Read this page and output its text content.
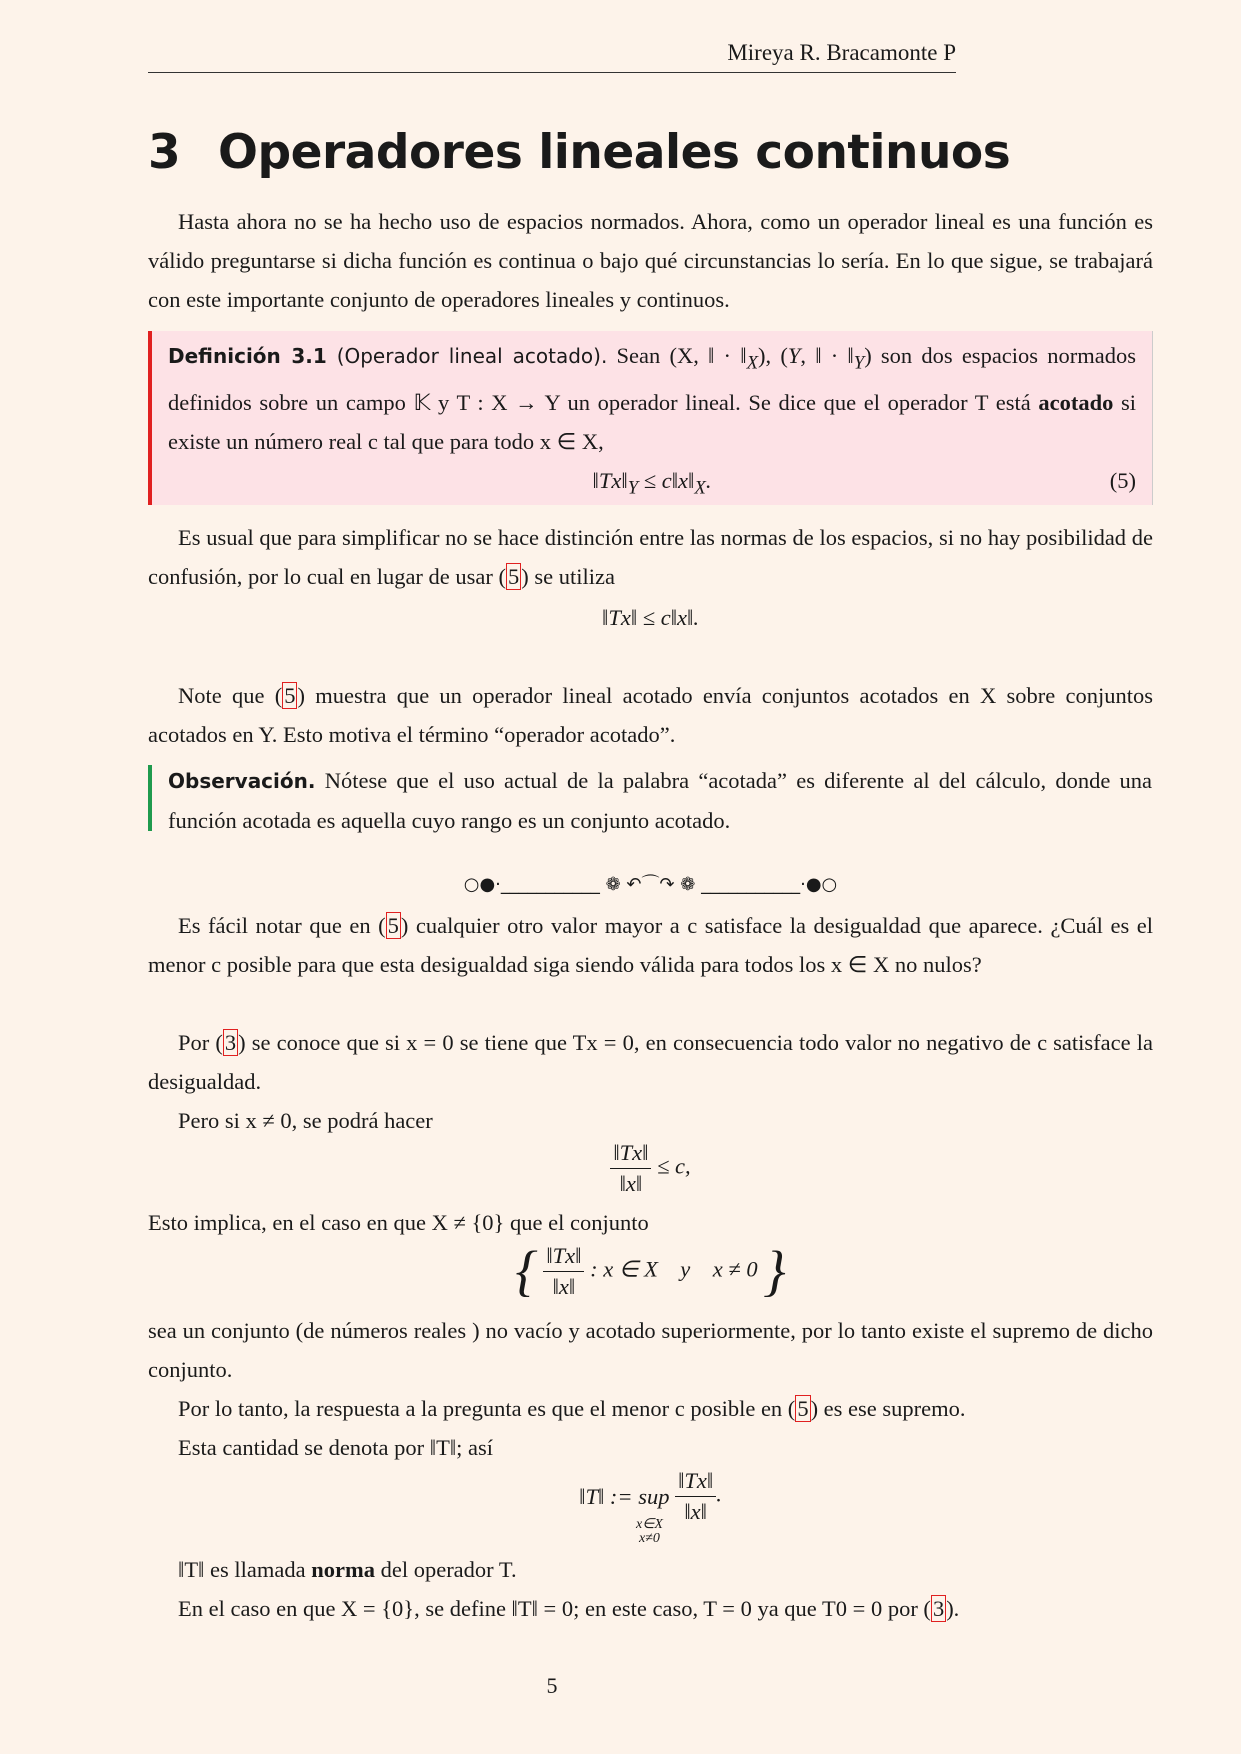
Mireya R. Bracamonte P
3 Operadores lineales continuos
Hasta ahora no se ha hecho uso de espacios normados. Ahora, como un operador lineal es una función es válido preguntarse si dicha función es continua o bajo qué circunstancias lo sería. En lo que sigue, se trabajará con este importante conjunto de operadores lineales y continuos.
Definición 3.1 (Operador lineal acotado). Sean (X, ‖ · $‖_X$), (Y, ‖ · $‖_Y$) son dos espacios normados definidos sobre un campo 𝕂 y T : X → Y un operador lineal. Se dice que el operador T está acotado si existe un número real c tal que para todo x ∈ X,
$‖Tx‖_Y$ ≤ $c‖x‖_X$.	(5)
Es usual que para simplificar no se hace distinción entre las normas de los espacios, si no hay posibilidad de confusión, por lo cual en lugar de usar (5) se utiliza
‖Tx‖ ≤ c‖x‖.
Note que (5) muestra que un operador lineal acotado envía conjuntos acotados en X sobre conjuntos acotados en Y. Esto motiva el término “operador acotado”.
Observación. Nótese que el uso actual de la palabra “acotada” es diferente al del cálculo, donde una función acotada es aquella cuyo rango es un conjunto acotado.
○●·___________ ❁ ↶⌒↷ ❁ ___________·●○
Es fácil notar que en (5) cualquier otro valor mayor a c satisface la desigualdad que aparece. ¿Cuál es el menor c posible para que esta desigualdad siga siendo válida para todos los x ∈ X no nulos?
Por (3) se conoce que si x = 0 se tiene que Tx = 0, en consecuencia todo valor no negativo de c satisface la desigualdad.
Pero si x ≠ 0, se podrá hacer
$\frac{‖Tx‖}{‖x‖} \le c$,
Esto implica, en el caso en que X ≠ {0} que el conjunto
{ $\frac{‖Tx‖}{‖x‖}$ : x ∈ X    y    x ≠ 0 }
sea un conjunto (de números reales ) no vacío y acotado superiormente, por lo tanto existe el supremo de dicho conjunto.
Por lo tanto, la respuesta a la pregunta es que el menor c posible en (5) es ese supremo.
Esta cantidad se denota por ‖T‖; así
‖T‖ := sup
x∈X
x≠0

$\frac{‖Tx‖}{‖x‖}$ .
‖T‖ es llamada norma del operador T.
En el caso en que X = {0}, se define ‖T‖ = 0; en este caso, T = 0 ya que T0 = 0 por (3).
5
